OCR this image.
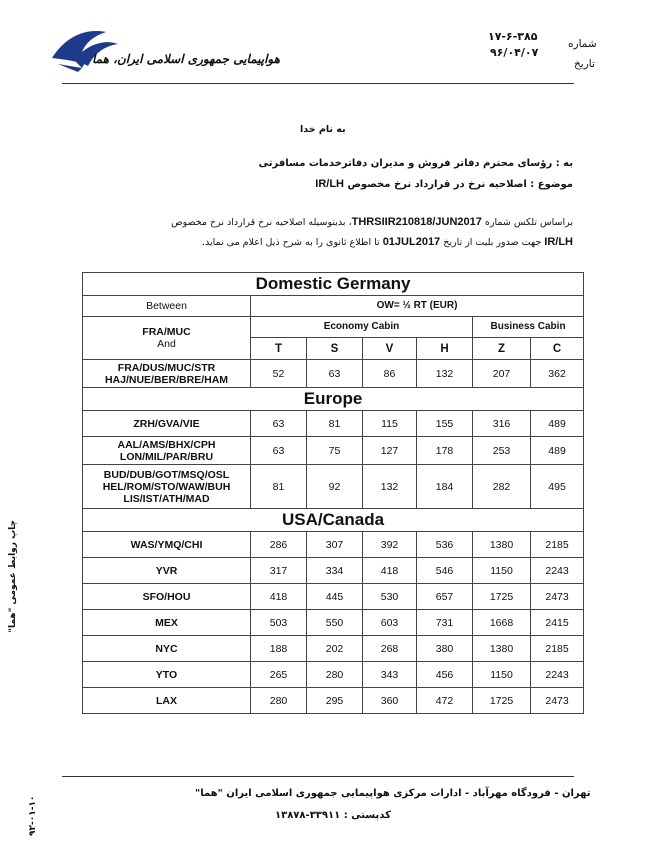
هواپیمایی جمهوری اسلامی ایران، هما
شماره
تاریخ
۱۷-۶-۳۸۵
۹۶/۰۴/۰۷
به نام خدا
به : رؤسای محترم دفاتر فروش و مدیران دفاترخدمات مسافرتی
موضوع : اصلاحیه نرخ در قرارداد نرخ مخصوص IR/LH
براساس تلکس شماره THRSIIR210818/JUN2017، بدینوسیله اصلاحیه نرخ قرارداد نرخ مخصوص
IR/LH جهت صدور بلیت از تاریخ 01JUL2017 تا اطلاع ثانوی را به شرح ذیل اعلام می نماید.
Domestic Germany						
Between	OW= ½ RT (EUR)					

FRA/MUC
And	Economy Cabin				Business Cabin	
	T	S	V	H	Z	C

FRA/DUS/MUC/STR
HAJ/NUE/BER/BRE/HAM	52	63	86	132	207	362
Europe						

ZRH/GVA/VIE	63	81	115	155	316	489

AAL/AMS/BHX/CPH
LON/MIL/PAR/BRU	63	75	127	178	253	489

BUD/DUB/GOT/MSQ/OSL
HEL/ROM/STO/WAW/BUH
LIS/IST/ATH/MAD	81	92	132	184	282	495
USA/Canada						
WAS/YMQ/CHI	286	307	392	536	1380	2185
YVR	317	334	418	546	1150	2243
SFO/HOU	418	445	530	657	1725	2473
MEX	503	550	603	731	1668	2415
NYC	188	202	268	380	1380	2185
YTO	265	280	343	456	1150	2243
LAX	280	295	360	472	1725	2473
چاپ روابط عمومی "هما"
۹۲-۰۱-۱۰
تهران - فرودگاه مهرآباد - ادارات مرکزی هواپیمایی جمهوری اسلامی ایران "هما"
کدپستی : ۳۳۹۱۱-۱۳۸۷۸
